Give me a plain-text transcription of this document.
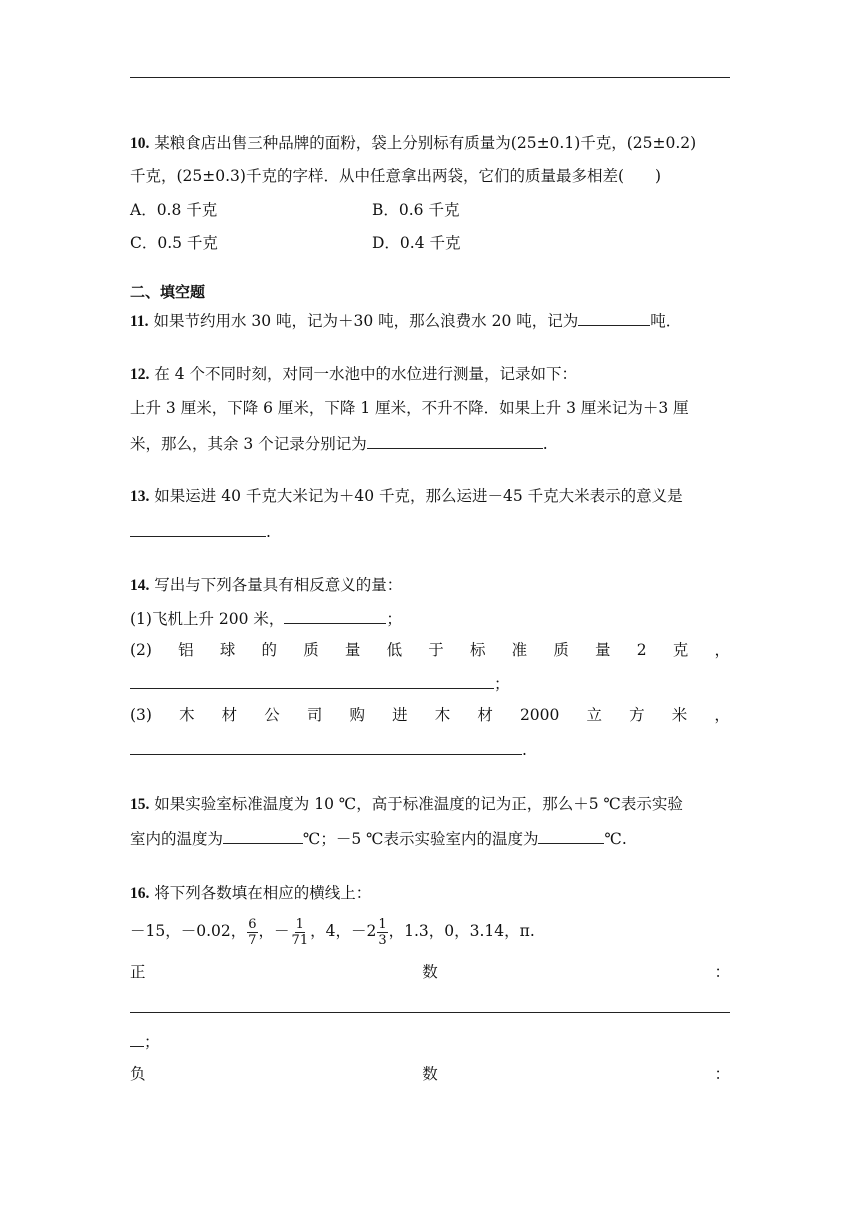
10. 某粮食店出售三种品牌的面粉，袋上分别标有质量为(25±0.1)千克，(25±0.2)
千克，(25±0.3)千克的字样．从中任意拿出两袋，它们的质量最多相差(　　)
A．0.8 千克	B．0.6 千克
C．0.5 千克	D．0.4 千克
二、填空题
11. 如果节约用水 30 吨，记为＋30 吨，那么浪费水 20 吨，记为	吨．
12. 在 4 个不同时刻，对同一水池中的水位进行测量，记录如下：
上升 3 厘米，下降 6 厘米，下降 1 厘米，不升不降．如果上升 3 厘米记为＋3 厘
米，那么，其余 3 个记录分别记为	.
13. 如果运进 40 千克大米记为＋40 千克，那么运进－45 千克大米表示的意义是
.
14. 写出与下列各量具有相反意义的量：
(1)飞机上升 200 米，	；
(2) 铝 球 的 质 量 低 于 标 准 质 量 2 克 ，
；
(3) 木 材 公 司 购 进 木 材 2000 立 方 米 ，
.
15. 如果实验室标准温度为 10 ℃，高于标准温度的记为正，那么＋5 ℃表示实验
室内的温度为	℃；－5 ℃表示实验室内的温度为	℃.
16. 将下列各数填在相应的横线上：
－15，－0.02， $\frac{6}{7}$ ，－ $\frac{1}{71}$ ，4，$-2 \frac{1}{3}$ ，1.3，0，3.14，π.
正	数	：
；
负	数	：
